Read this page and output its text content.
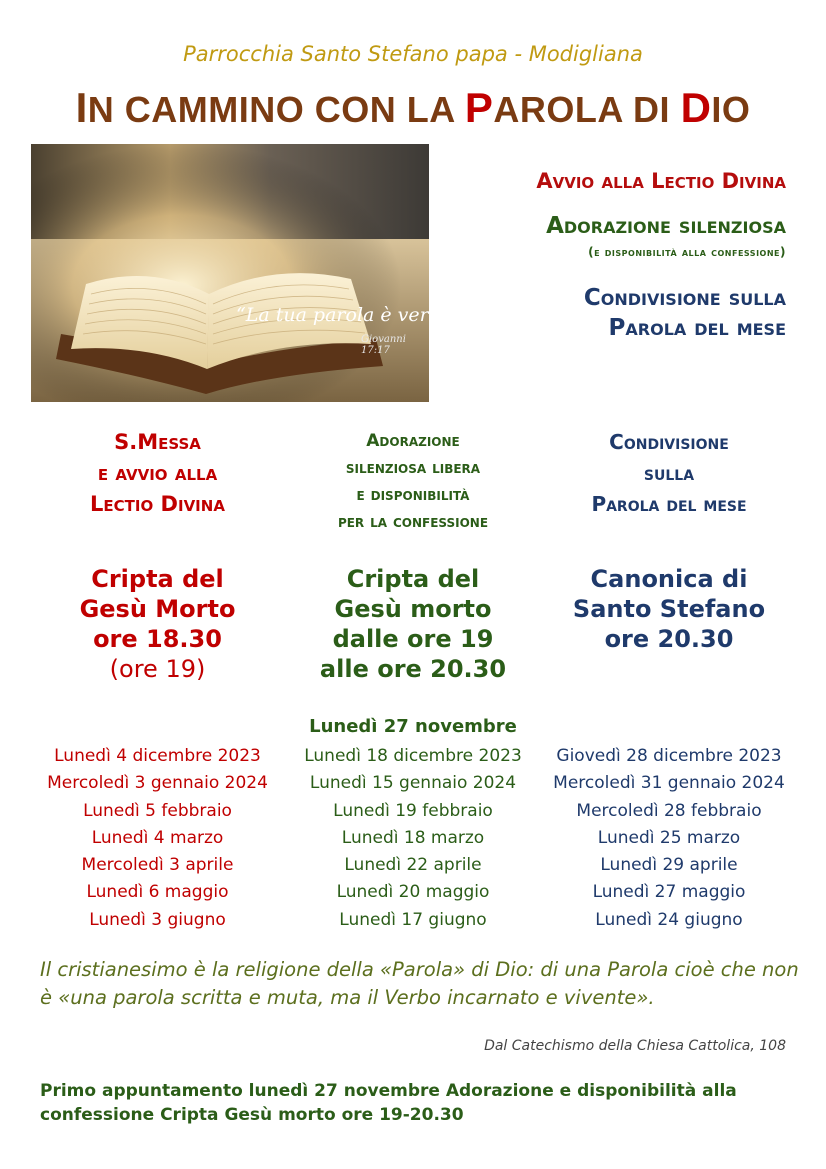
Parrocchia Santo Stefano papa - Modigliana
IN CAMMINO CON LA PAROLA DI DIO
“La tua parola è verità”
Giovanni 17:17
Avvio alla Lectio Divina
Adorazione silenziosa
(e disponibilità alla confessione)
Condivisione sulla
Parola del mese
S.Messa
e avvio alla
Lectio Divina
Adorazione
silenziosa libera
e disponibilità
per la confessione
Condivisione
sulla
Parola del mese
Cripta del
Gesù Morto
ore 18.30
(ore 19)
Cripta del
Gesù morto
dalle ore 19
alle ore 20.30
Canonica di
Santo Stefano
ore 20.30
Lunedì 27 novembre
Lunedì 4 dicembre 2023
Mercoledì 3 gennaio 2024
Lunedì 5 febbraio
Lunedì 4 marzo
Mercoledì 3 aprile
Lunedì 6 maggio
Lunedì 3 giugno
Lunedì 18 dicembre 2023
Lunedì 15 gennaio 2024
Lunedì 19 febbraio
Lunedì 18 marzo
Lunedì 22 aprile
Lunedì 20 maggio
Lunedì 17 giugno
Giovedì 28 dicembre 2023
Mercoledì 31 gennaio 2024
Mercoledì 28 febbraio
Lunedì 25 marzo
Lunedì 29 aprile
Lunedì 27 maggio
Lunedì 24 giugno
Il cristianesimo è la religione della «Parola» di Dio: di una Parola cioè che non è «una parola scritta e muta, ma il Verbo incarnato e vivente».
Dal Catechismo della Chiesa Cattolica, 108
Primo appuntamento lunedì 27 novembre Adorazione e disponibilità alla confessione Cripta Gesù morto ore 19-20.30
